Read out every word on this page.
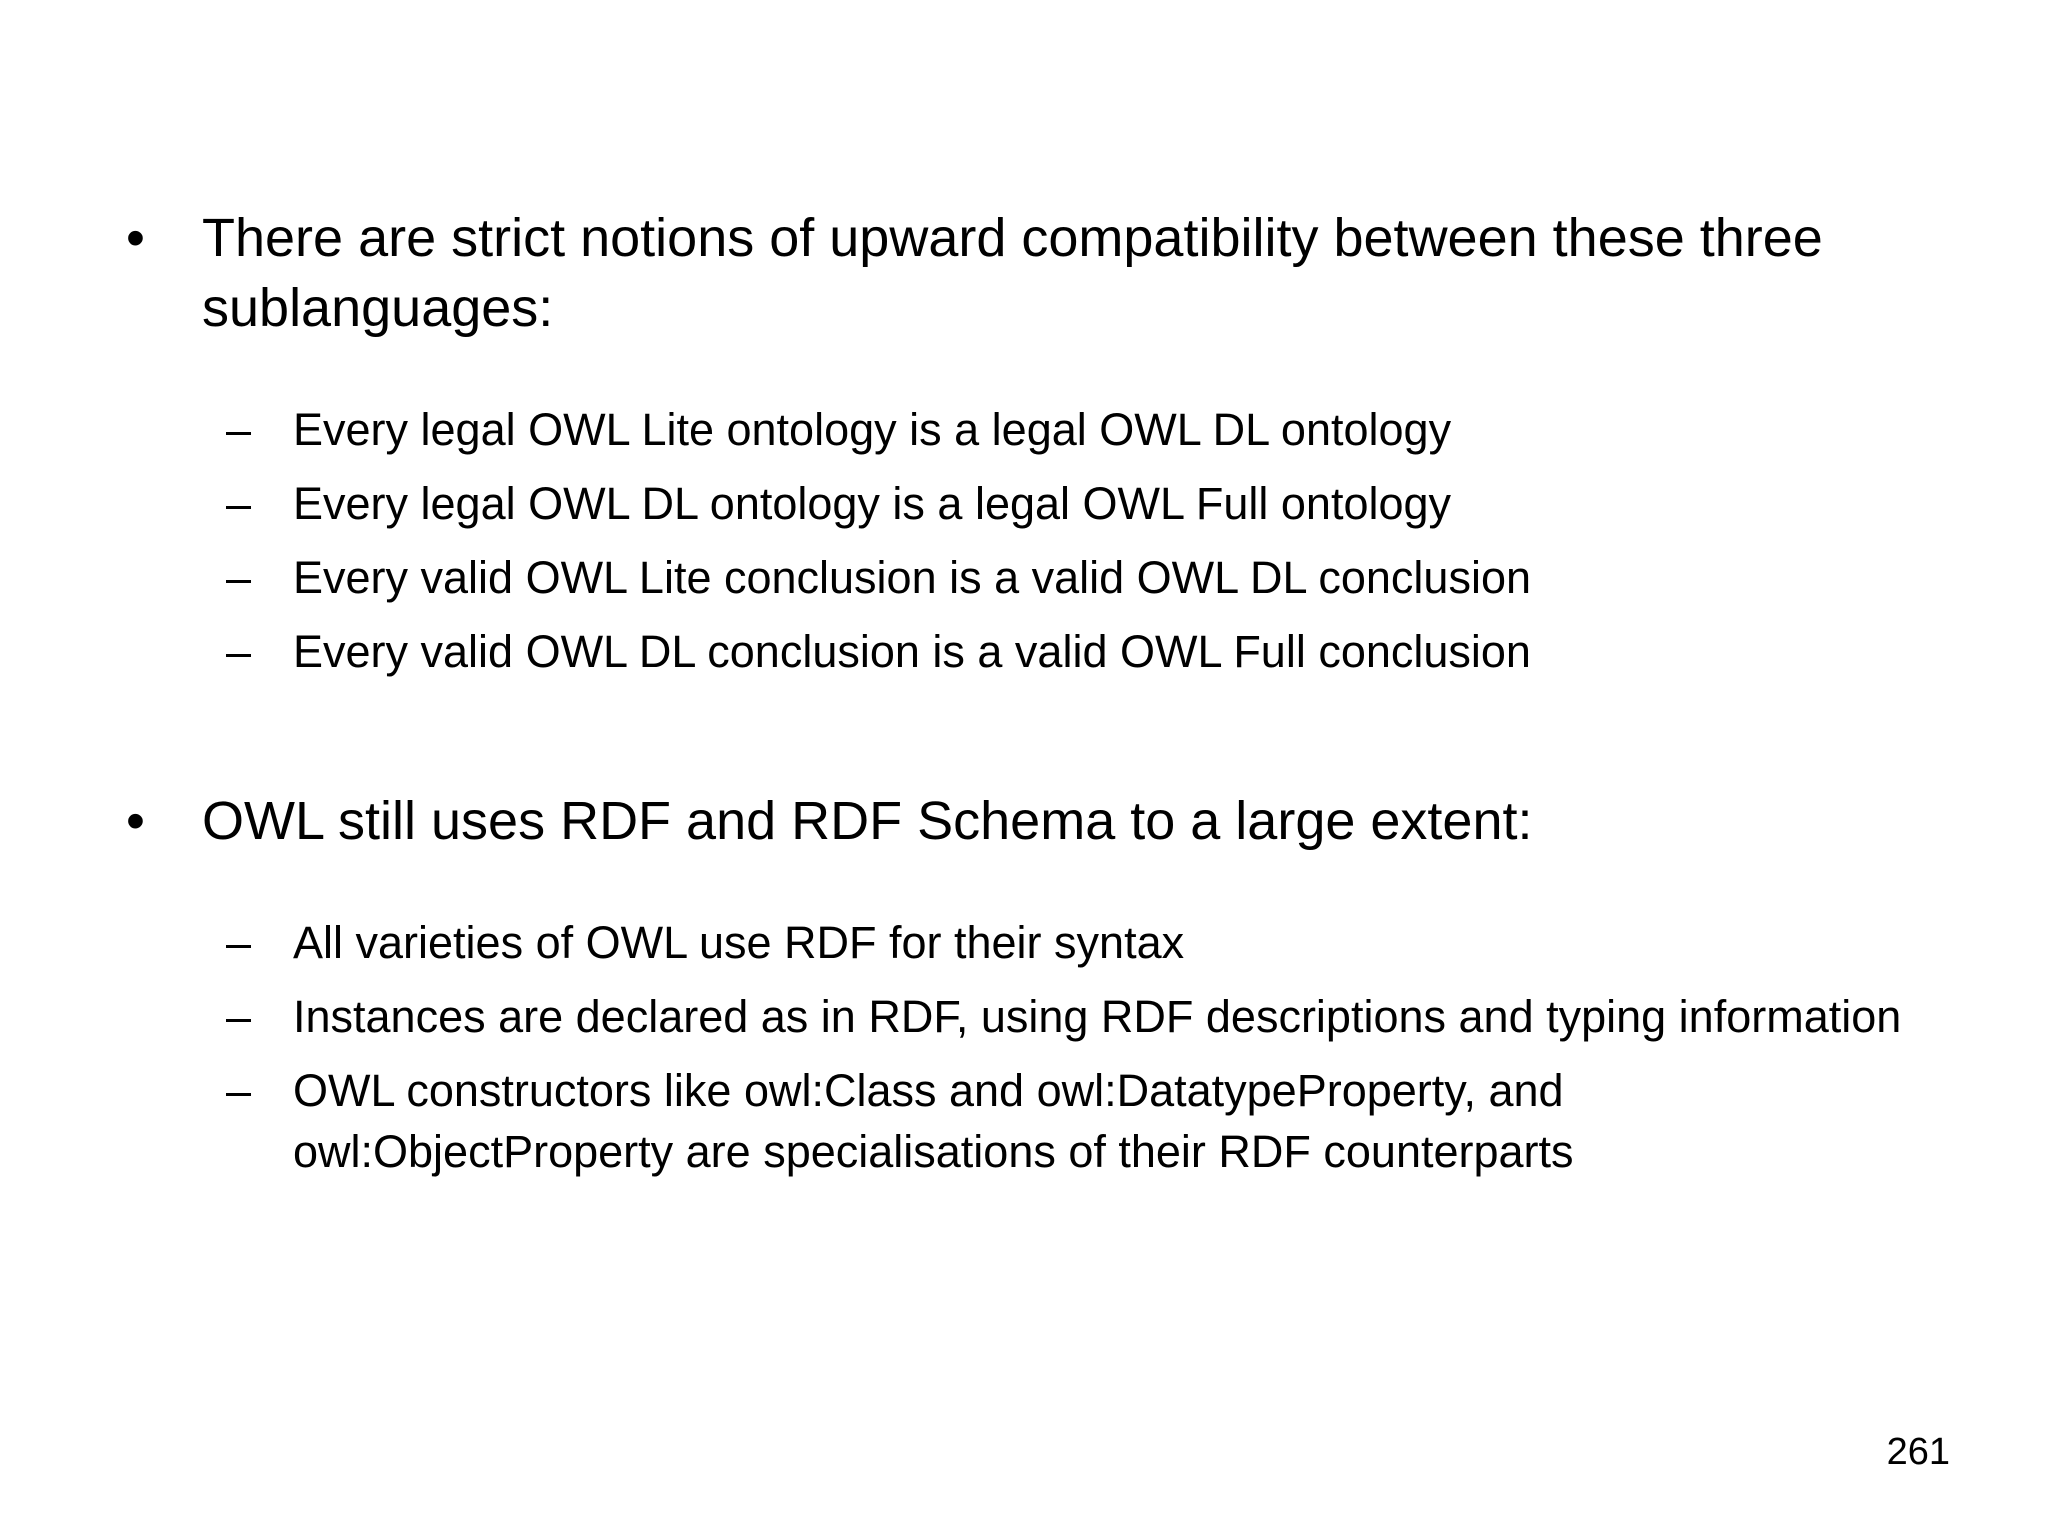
• There are strict notions of upward compatibility between these three sublanguages:
– Every legal OWL Lite ontology is a legal OWL DL ontology
– Every legal OWL DL ontology is a legal OWL Full ontology
– Every valid OWL Lite conclusion is a valid OWL DL conclusion
– Every valid OWL DL conclusion is a valid OWL Full conclusion
• OWL still uses RDF and RDF Schema to a large extent:
– All varieties of OWL use RDF for their syntax
– Instances are declared as in RDF, using RDF descriptions and typing information
– OWL constructors like owl:Class and owl:DatatypeProperty, and owl:ObjectProperty are specialisations of their RDF counterparts
261
